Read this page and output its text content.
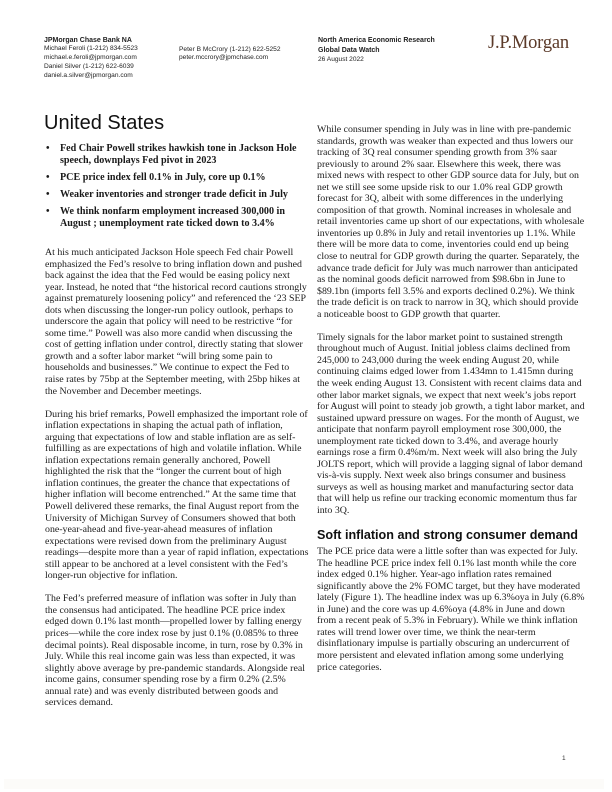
JPMorgan Chase Bank NA
Michael Feroli (1-212) 834-5523
michael.e.feroli@jpmorgan.com
Daniel Silver (1-212) 622-6039
daniel.a.silver@jpmorgan.com
Peter B McCrory (1-212) 622-5252
peter.mccrory@jpmchase.com
North America Economic Research
Global Data Watch
26 August 2022
J.P.Morgan
United States
• Fed Chair Powell strikes hawkish tone in Jackson Hole speech, downplays Fed pivot in 2023
• PCE price index fell 0.1% in July, core up 0.1%
• Weaker inventories and stronger trade deficit in July
• We think nonfarm employment increased 300,000 in August ; unemployment rate ticked down to 3.4%

At his much anticipated Jackson Hole speech Fed chair Powell emphasized the Fed’s resolve to bring inflation down and pushed back against the idea that the Fed would be easing policy next year. Instead, he noted that “the historical record cautions strongly against prematurely loosening policy” and referenced the ‘23 SEP dots when discussing the longer-run policy outlook, perhaps to underscore the again that policy will need to be restrictive “for some time.” Powell was also more candid when discussing the cost of getting inflation under control, directly stating that slower growth and a softer labor market “will bring some pain to households and businesses.” We continue to expect the Fed to raise rates by 75bp at the September meeting, with 25bp hikes at the November and December meetings.

During his brief remarks, Powell emphasized the important role of inflation expectations in shaping the actual path of inflation, arguing that expectations of low and stable inflation are as self-fulfilling as are expectations of high and volatile inflation. While inflation expectations remain generally anchored, Powell highlighted the risk that the “longer the current bout of high inflation continues, the greater the chance that expectations of higher inflation will become entrenched.” At the same time that Powell delivered these remarks, the final August report from the University of Michigan Survey of Consumers showed that both one-year-ahead and five-year-ahead measures of inflation expectations were revised down from the preliminary August readings—despite more than a year of rapid inflation, expectations still appear to be anchored at a level consistent with the Fed’s longer-run objective for inflation.

The Fed’s preferred measure of inflation was softer in July than the consensus had anticipated. The headline PCE price index edged down 0.1% last month—propelled lower by falling energy prices—while the core index rose by just 0.1% (0.085% to three decimal points). Real disposable income, in turn, rose by 0.3% in July. While this real income gain was less than expected, it was slightly above average by pre-pandemic standards. Alongside real income gains, consumer spending rose by a firm 0.2% (2.5% annual rate) and was evenly distributed between goods and services demand.

While consumer spending in July was in line with pre-pandemic standards, growth was weaker than expected and thus lowers our tracking of 3Q real consumer spending growth from 3% saar previously to around 2% saar. Elsewhere this week, there was mixed news with respect to other GDP source data for July, but on net we still see some upside risk to our 1.0% real GDP growth forecast for 3Q, albeit with some differences in the underlying composition of that growth. Nominal increases in wholesale and retail inventories came up short of our expectations, with wholesale inventories up 0.8% in July and retail inventories up 1.1%. While there will be more data to come, inventories could end up being close to neutral for GDP growth during the quarter. Separately, the advance trade deficit for July was much narrower than anticipated as the nominal goods deficit narrowed from $98.6bn in June to $89.1bn (imports fell 3.5% and exports declined 0.2%). We think the trade deficit is on track to narrow in 3Q, which should provide a noticeable boost to GDP growth that quarter.

Timely signals for the labor market point to sustained strength throughout much of August. Initial jobless claims declined from 245,000 to 243,000 during the week ending August 20, while continuing claims edged lower from 1.434mn to 1.415mn during the week ending August 13. Consistent with recent claims data and other labor market signals, we expect that next week’s jobs report for August will point to steady job growth, a tight labor market, and sustained upward pressure on wages. For the month of August, we anticipate that nonfarm payroll employment rose 300,000, the unemployment rate ticked down to 3.4%, and average hourly earnings rose a firm 0.4%m/m. Next week will also bring the July JOLTS report, which will provide a lagging signal of labor demand vis-à-vis supply. Next week also brings consumer and business surveys as well as housing market and manufacturing sector data that will help us refine our tracking economic momentum thus far into 3Q.

Soft inflation and strong consumer demand

The PCE price data were a little softer than was expected for July. The headline PCE price index fell 0.1% last month while the core index edged 0.1% higher. Year-ago inflation rates remained significantly above the 2% FOMC target, but they have moderated lately (Figure 1). The headline index was up 6.3%oya in July (6.8% in June) and the core was up 4.6%oya (4.8% in June and down from a recent peak of 5.3% in February). While we think inflation rates will trend lower over time, we think the near-term disinflationary impulse is partially obscuring an undercurrent of more persistent and elevated inflation among some underlying price categories.

1
